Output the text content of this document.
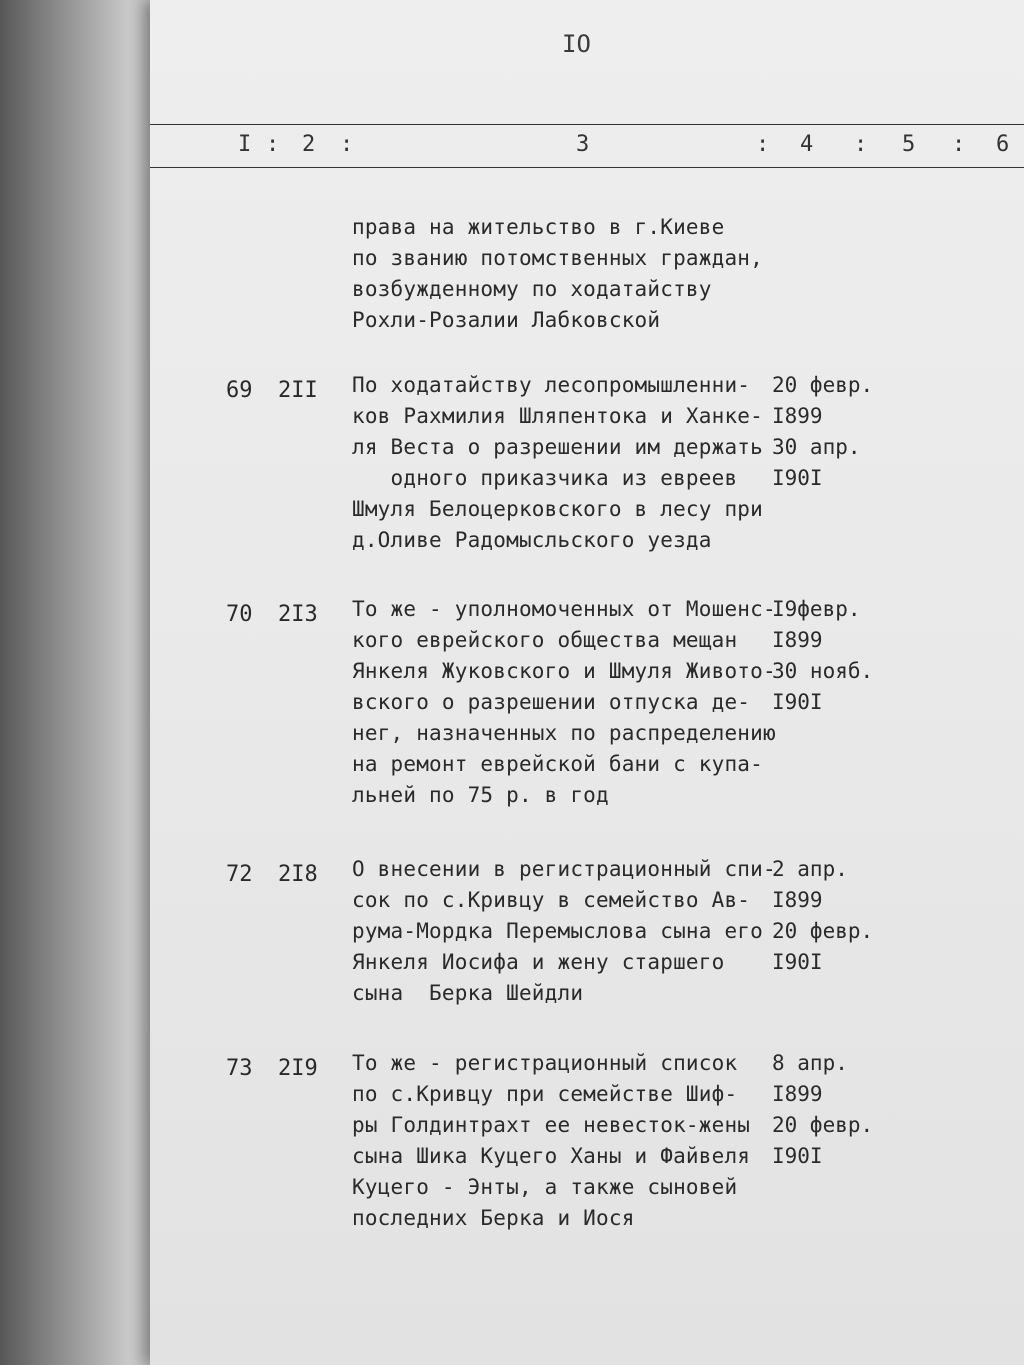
IO
I : 2 :	3	: 4 : 5 : 6
права на жительство в г.Киеве
по званию потомственных граждан,
возбужденному по ходатайству
Рохли-Розалии Лабковской
69 2II По ходатайству лесопромышленни-
ков Рахмилия Шляпентока и Ханке-
ля Веста о разрешении им держать
одного приказчика из евреев
Шмуля Белоцерковского в лесу при
д.Оливе Радомысльского уезда
20 февр.
I899
30 апр.
I90I
70 2I3 То же - уполномоченных от Мошенс-
кого еврейского общества мещан
Янкеля Жуковского и Шмуля Живото-
вского о разрешении отпуска де-
нег, назначенных по распределению
на ремонт еврейской бани с купа-
льней по 75 р. в год
I9февр.
I899
30 нояб.
I90I
72 2I8 О внесении в регистрационный спи-
сок по с.Кривцу в семейство Ав-
рума-Мордка Перемыслова сына его
Янкеля Иосифа и жену старшего
сына  Берка Шейдли
2 апр.
I899
20 февр.
I90I
73 2I9 То же - регистрационный список
по с.Кривцу при семействе Шиф-
ры Голдинтрахт ее невесток-жены
сына Шика Куцего Ханы и Файвеля
Куцего - Энты, а также сыновей
последних Берка и Иося
8 апр.
I899
20 февр.
I90I
